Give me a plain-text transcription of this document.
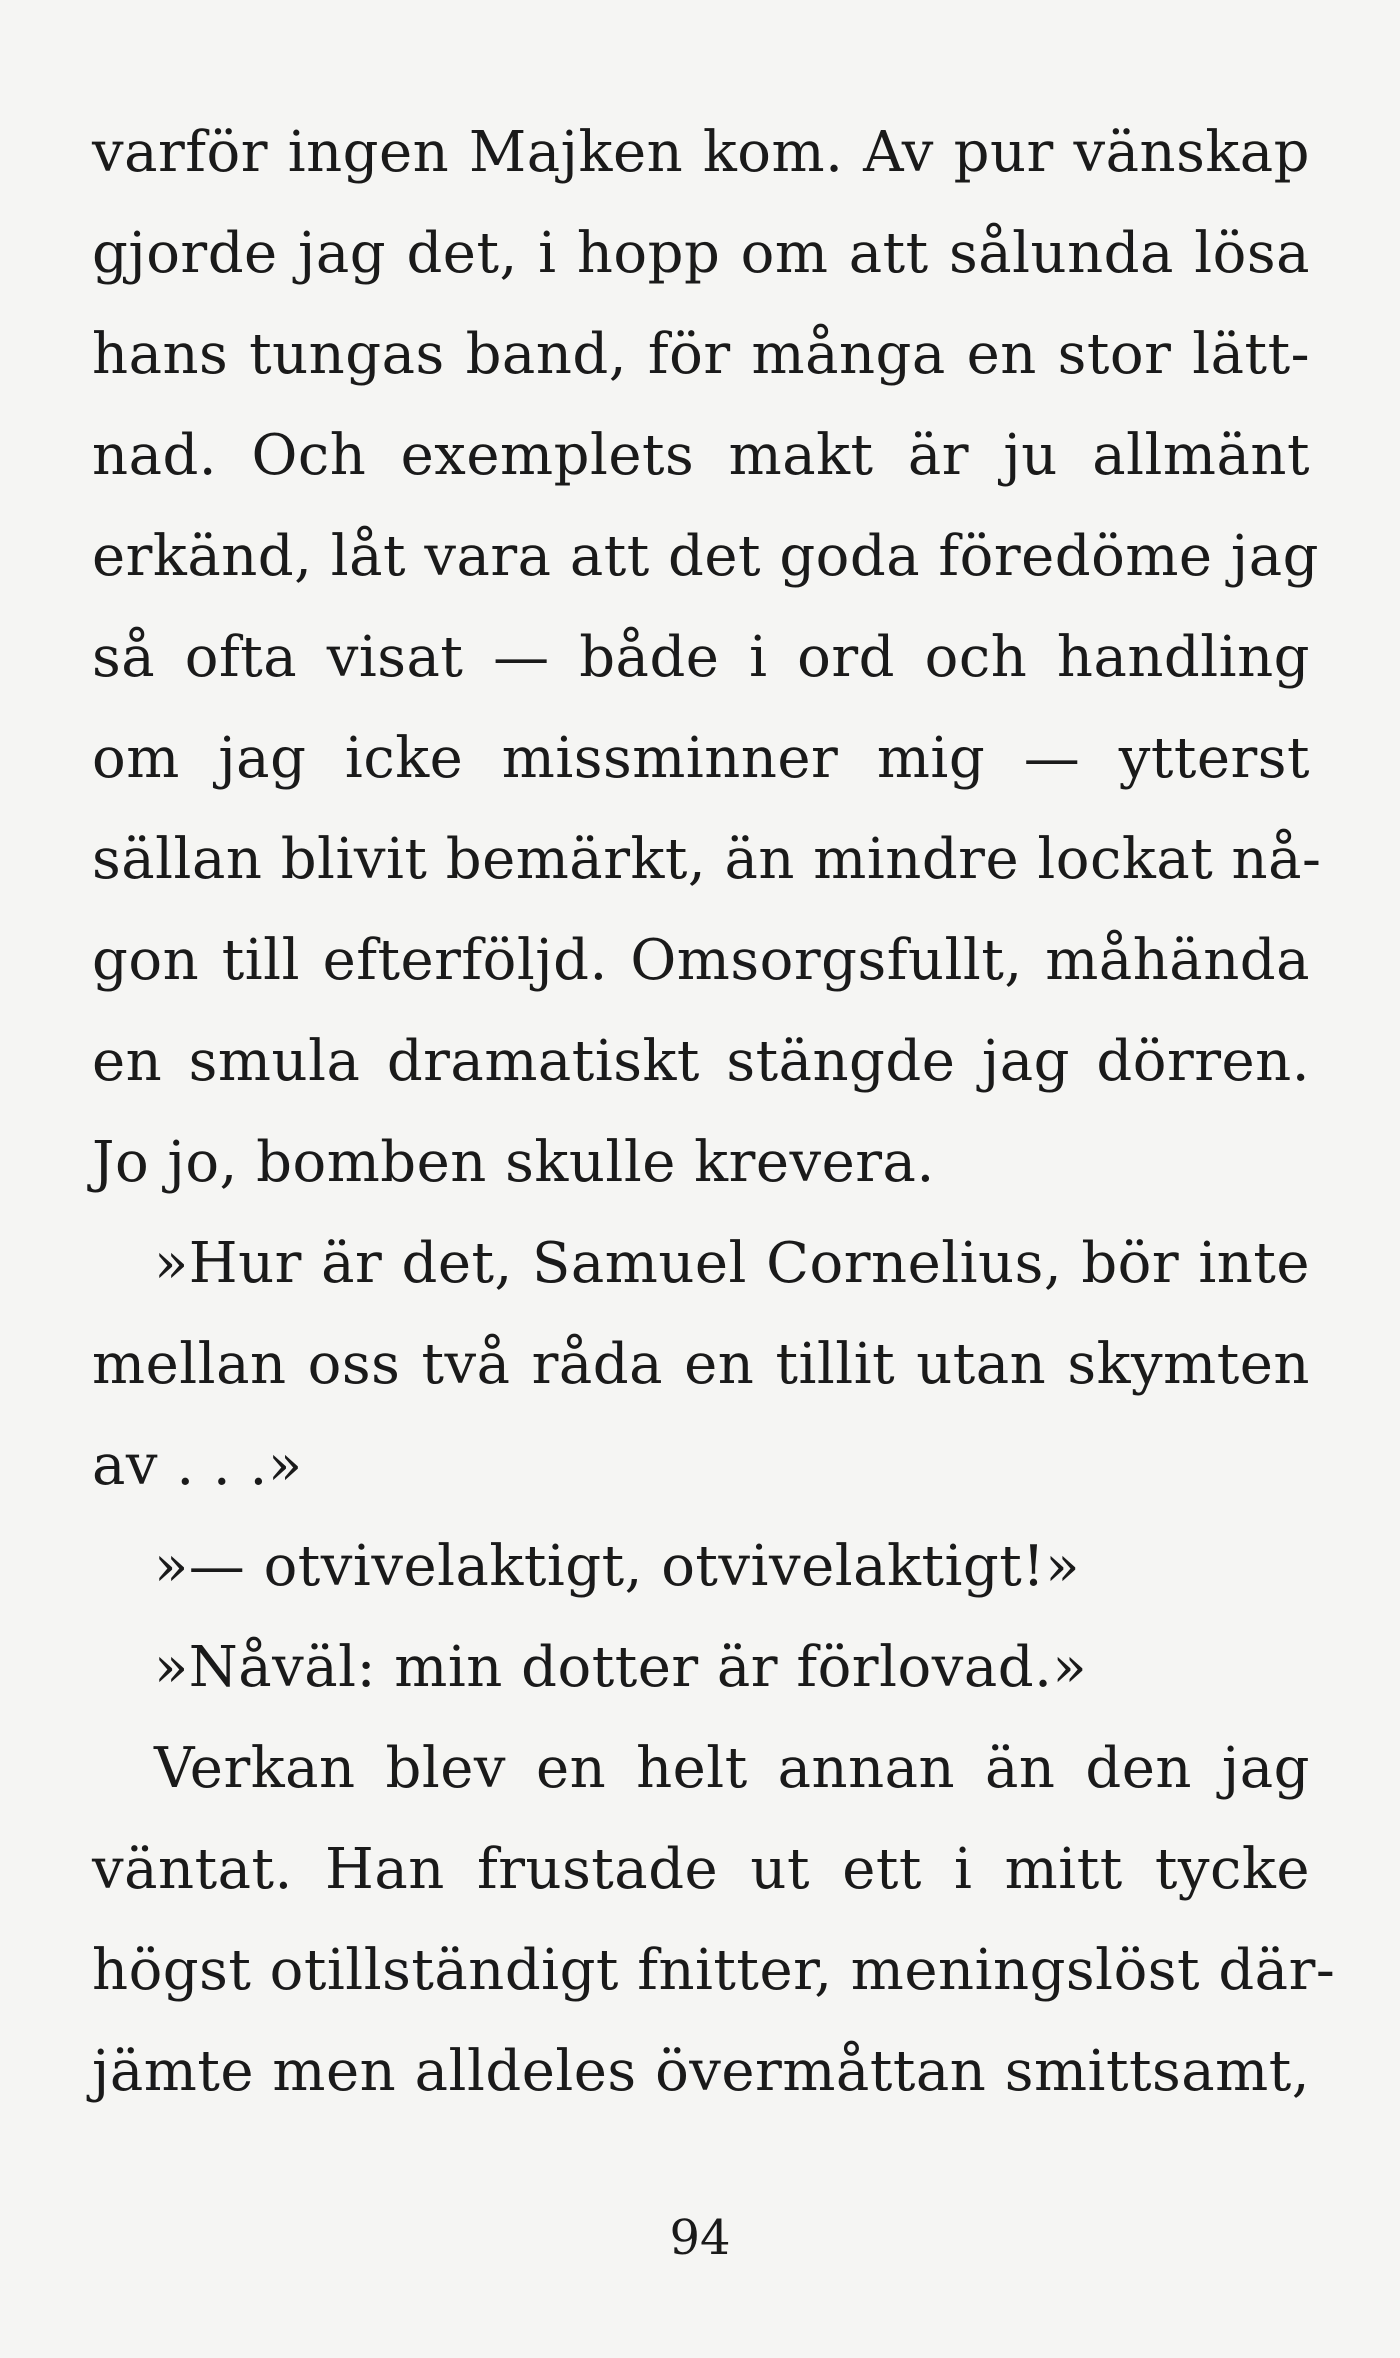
varför ingen Majken kom. Av pur vänskap
gjorde jag det, i hopp om att sålunda lösa
hans tungas band, för många en stor lätt-
nad. Och exemplets makt är ju allmänt
erkänd, låt vara att det goda föredöme jag
så ofta visat — både i ord och handling
om jag icke missminner mig — ytterst
sällan blivit bemärkt, än mindre lockat nå-
gon till efterföljd. Omsorgsfullt, måhända
en smula dramatiskt stängde jag dörren.
Jo jo, bomben skulle krevera.
»Hur är det, Samuel Cornelius, bör inte
mellan oss två råda en tillit utan skymten
av . . .»
»— otvivelaktigt, otvivelaktigt!»
»Nåväl: min dotter är förlovad.»
Verkan blev en helt annan än den jag
väntat. Han frustade ut ett i mitt tycke
högst otillständigt fnitter, meningslöst där-
jämte men alldeles övermåttan smittsamt,
94
